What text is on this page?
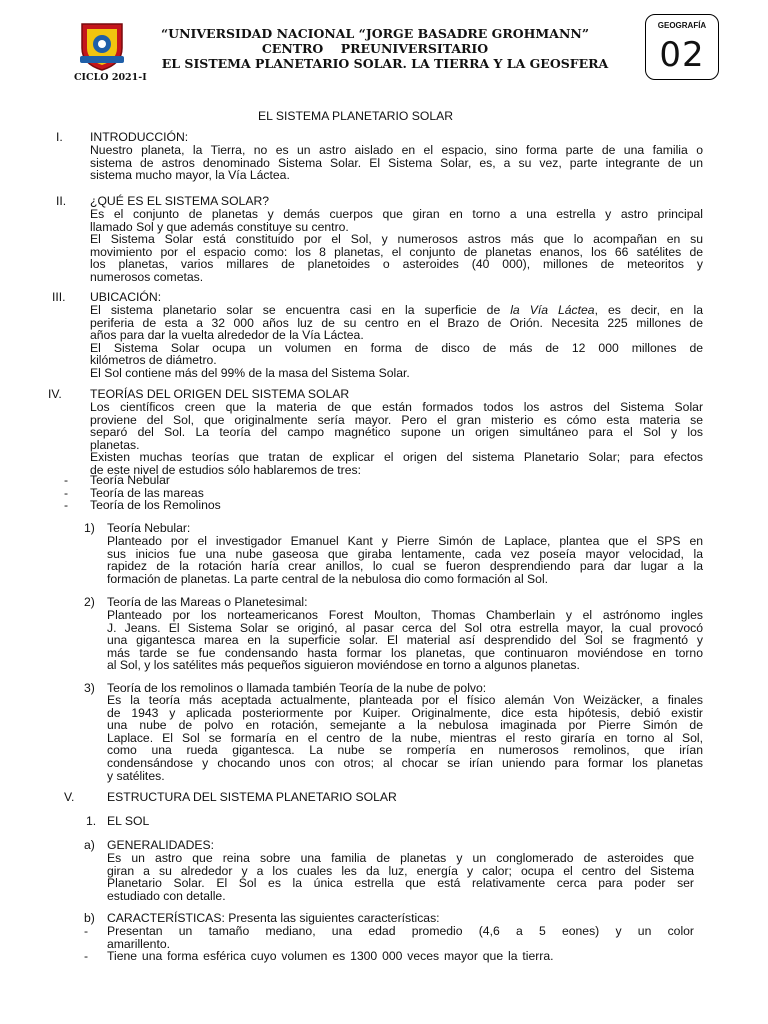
“UNIVERSIDAD NACIONAL “JORGE BASADRE GROHMANN”
CENTRO    PREUNIVERSITARIO
EL SISTEMA PLANETARIO SOLAR. LA TIERRA Y LA GEOSFERA
CICLO 2021-I
GEOGRAFÍA
02
EL SISTEMA PLANETARIO SOLAR
I. INTRODUCCIÓN:
Nuestro planeta, la Tierra, no es un astro aislado en el espacio, sino forma parte de una familia o
sistema de astros denominado Sistema Solar. El Sistema Solar, es, a su vez, parte integrante de un
sistema mucho mayor, la Vía Láctea.
II. ¿QUÉ ES EL SISTEMA SOLAR?
Es el conjunto de planetas y demás cuerpos que giran en torno a una estrella y astro principal
llamado Sol y que además constituye su centro.
El Sistema Solar está constituido por el Sol, y numerosos astros más que lo acompañan en su
movimiento por el espacio como: los 8 planetas, el conjunto de planetas enanos, los 66 satélites de
los planetas, varios millares de planetoides o asteroides (40 000), millones de meteoritos y
numerosos cometas.
III. UBICACIÓN:
El sistema planetario solar se encuentra casi en la superficie de la Vía Láctea, es decir, en la
periferia de esta a 32 000 años luz de su centro en el Brazo de Orión. Necesita 225 millones de
años para dar la vuelta alrededor de la Vía Láctea.
El Sistema Solar ocupa un volumen en forma de disco de más de 12 000 millones de
kilómetros de diámetro.
El Sol contiene más del 99% de la masa del Sistema Solar.
IV. TEORÍAS DEL ORIGEN DEL SISTEMA SOLAR
Los científicos creen que la materia de que están formados todos los astros del Sistema Solar
proviene del Sol, que originalmente sería mayor. Pero el gran misterio es cómo esta materia se
separó del Sol. La teoría del campo magnético supone un origen simultáneo para el Sol y los
planetas.
Existen muchas teorías que tratan de explicar el origen del sistema Planetario Solar; para efectos
de este nivel de estudios sólo hablaremos de tres:
- Teoría Nebular
- Teoría de las mareas
- Teoría de los Remolinos
1) Teoría Nebular:
Planteado por el investigador Emanuel Kant y Pierre Simón de Laplace, plantea que el SPS en
sus inicios fue una nube gaseosa que giraba lentamente, cada vez poseía mayor velocidad, la
rapidez de la rotación haría crear anillos, lo cual se fueron desprendiendo para dar lugar a la
formación de planetas. La parte central de la nebulosa dio como formación al Sol.
2) Teoría de las Mareas o Planetesimal:
Planteado por los norteamericanos Forest Moulton, Thomas Chamberlain y el astrónomo ingles
J. Jeans. El Sistema Solar se originó, al pasar cerca del Sol otra estrella mayor, la cual provocó
una gigantesca marea en la superficie solar. El material así desprendido del Sol se fragmentó y
más tarde se fue condensando hasta formar los planetas, que continuaron moviéndose en torno
al Sol, y los satélites más pequeños siguieron moviéndose en torno a algunos planetas.
3) Teoría de los remolinos o llamada también Teoría de la nube de polvo:
Es la teoría más aceptada actualmente, planteada por el físico alemán Von Weizäcker, a finales
de 1943 y aplicada posteriormente por Kuiper. Originalmente, dice esta hipótesis, debió existir
una nube de polvo en rotación, semejante a la nebulosa imaginada por Pierre Simón de
Laplace. El Sol se formaría en el centro de la nube, mientras el resto giraría en torno al Sol,
como una rueda gigantesca. La nube se rompería en numerosos remolinos, que irían
condensándose y chocando unos con otros; al chocar se irían uniendo para formar los planetas
y satélites.
V.	ESTRUCTURA DEL SISTEMA PLANETARIO SOLAR
1. EL SOL
a) GENERALIDADES:
Es un astro que reina sobre una familia de planetas y un conglomerado de asteroides que
giran a su alrededor y a los cuales les da luz, energía y calor; ocupa el centro del Sistema
Planetario Solar. El Sol es la única estrella que está relativamente cerca para poder ser
estudiado con detalle.
b) CARACTERÍSTICAS: Presenta las siguientes características:
- Presentan un tamaño mediano, una edad promedio (4,6 a 5 eones) y un color
amarillento.
- Tiene una forma esférica cuyo volumen es 1300 000 veces mayor que la tierra.
